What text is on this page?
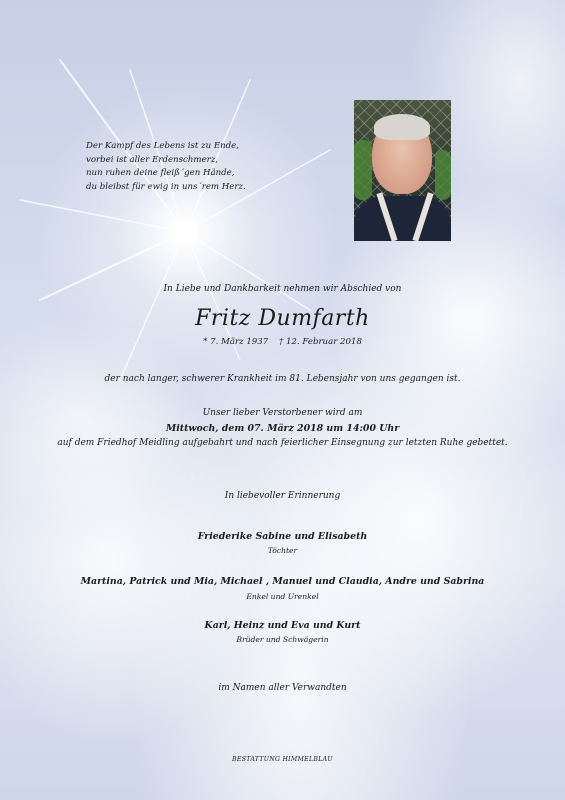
Der Kampf des Lebens ist zu Ende,
vorbei ist aller Erdenschmerz,
nun ruhen deine fleiß´gen Hände,
du bleibst für ewig in uns´rem Herz.
In Liebe und Dankbarkeit nehmen wir Abschied von
Fritz Dumfarth
* 7. März 1937 † 12. Februar 2018
der nach langer, schwerer Krankheit im 81. Lebensjahr von uns gegangen ist.
Unser lieber Verstorbener wird am
Mittwoch, dem 07. März 2018 um 14:00 Uhr
auf dem Friedhof Meidling aufgebahrt und nach feierlicher Einsegnung zur letzten Ruhe gebettet.
In liebevoller Erinnerung
Friederike Sabine und Elisabeth
Töchter
Martina, Patrick und Mia, Michael , Manuel und Claudia, Andre und Sabrina
Enkel und Urenkel
Karl, Heinz und Eva und Kurt
Brüder und Schwägerin
im Namen aller Verwandten
BESTATTUNG HIMMELBLAU
